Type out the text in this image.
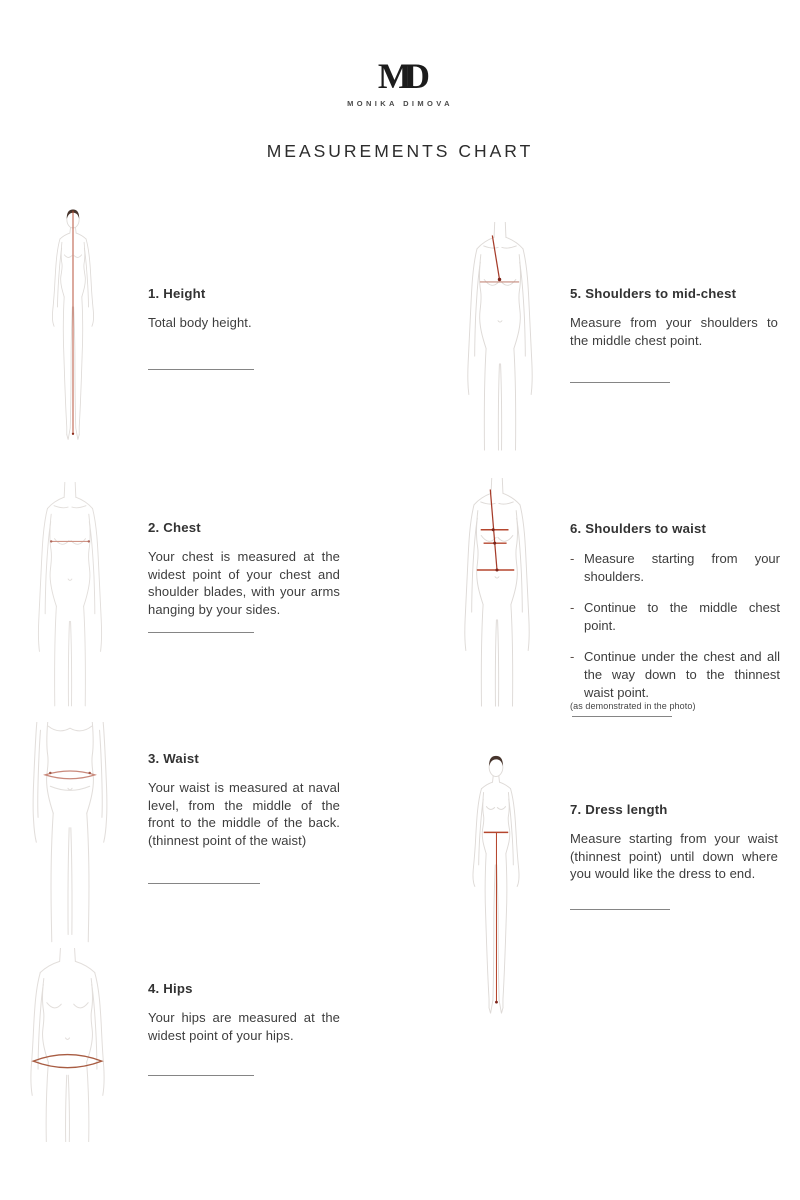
MD
MONIKA DIMOVA
MEASUREMENTS CHART
1. Height

Total body height.

5. Shoulders to mid-chest

Measure from your shoulders to the middle chest point.

2. Chest

Your chest is measured at the widest point of your chest and shoulder blades, with your arms hanging by your sides.

6. Shoulders to waist
- Measure starting from your shoulders.
- Continue to the middle chest point.
- Continue under the chest and all the way down to the thinnest waist point.
(as demonstrated in the photo)
3. Waist

Your waist is measured at naval level, from the middle of the front to the middle of the back. (thinnest point of the waist)

7. Dress length

Measure starting from your waist (thinnest point) until down where you would like the dress to end.

4. Hips

Your hips are measured at the widest point of your hips.
